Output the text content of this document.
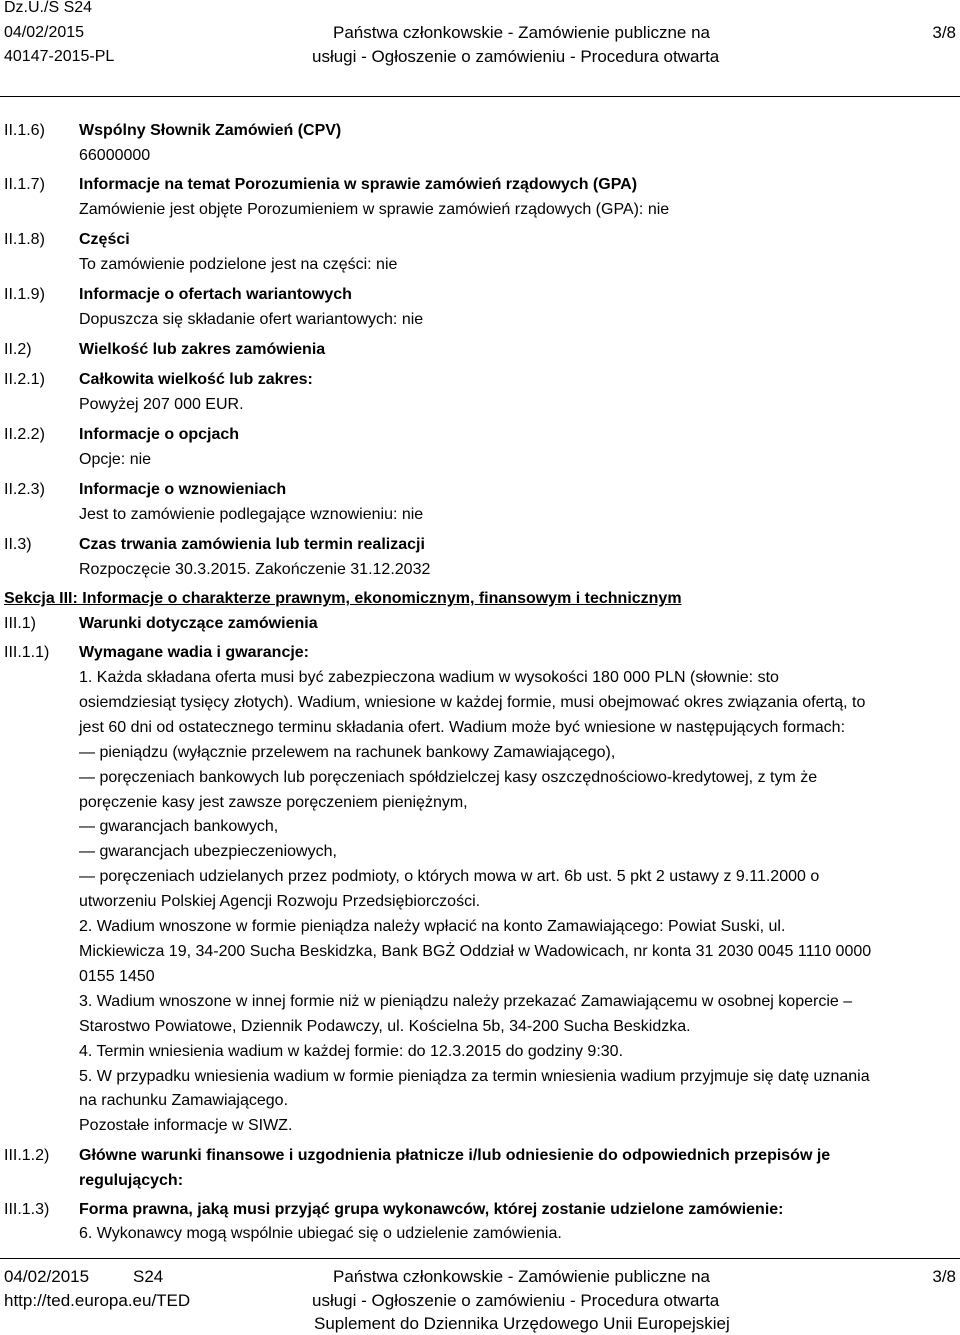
Dz.U./S S24
04/02/2015
40147-2015-PL
Państwa członkowskie - Zamówienie publiczne na
usługi - Ogłoszenie o zamówieniu - Procedura otwarta
3/8
II.1.6) Wspólny Słownik Zamówień (CPV)
66000000
II.1.7) Informacje na temat Porozumienia w sprawie zamówień rządowych (GPA)
Zamówienie jest objęte Porozumieniem w sprawie zamówień rządowych (GPA): nie
II.1.8) Części
To zamówienie podzielone jest na części: nie
II.1.9) Informacje o ofertach wariantowych
Dopuszcza się składanie ofert wariantowych: nie
II.2)	Wielkość lub zakres zamówienia
II.2.1) Całkowita wielkość lub zakres:
Powyżej 207 000 EUR.
II.2.2) Informacje o opcjach
Opcje: nie
II.2.3) Informacje o wznowieniach
Jest to zamówienie podlegające wznowieniu: nie
II.3)	Czas trwania zamówienia lub termin realizacji
Rozpoczęcie 30.3.2015. Zakończenie 31.12.2032
Sekcja III: Informacje o charakterze prawnym, ekonomicznym, finansowym i technicznym
III.1)	Warunki dotyczące zamówienia
III.1.1) Wymagane wadia i gwarancje:
1. Każda składana oferta musi być zabezpieczona wadium w wysokości 180 000 PLN (słownie: sto
osiemdziesiąt tysięcy złotych). Wadium, wniesione w każdej formie, musi obejmować okres związania ofertą, to
jest 60 dni od ostatecznego terminu składania ofert. Wadium może być wniesione w następujących formach:
— pieniądzu (wyłącznie przelewem na rachunek bankowy Zamawiającego),
— poręczeniach bankowych lub poręczeniach spółdzielczej kasy oszczędnościowo-kredytowej, z tym że
poręczenie kasy jest zawsze poręczeniem pieniężnym,
— gwarancjach bankowych,
— gwarancjach ubezpieczeniowych,
— poręczeniach udzielanych przez podmioty, o których mowa w art. 6b ust. 5 pkt 2 ustawy z 9.11.2000 o
utworzeniu Polskiej Agencji Rozwoju Przedsiębiorczości.
2. Wadium wnoszone w formie pieniądza należy wpłacić na konto Zamawiającego: Powiat Suski, ul.
Mickiewicza 19, 34-200 Sucha Beskidzka, Bank BGŻ Oddział w Wadowicach, nr konta 31 2030 0045 1110 0000
0155 1450
3. Wadium wnoszone w innej formie niż w pieniądzu należy przekazać Zamawiającemu w osobnej kopercie –
Starostwo Powiatowe, Dziennik Podawczy, ul. Kościelna 5b, 34-200 Sucha Beskidzka.
4. Termin wniesienia wadium w każdej formie: do 12.3.2015 do godziny 9:30.
5. W przypadku wniesienia wadium w formie pieniądza za termin wniesienia wadium przyjmuje się datę uznania
na rachunku Zamawiającego.
Pozostałe informacje w SIWZ.
III.1.2) Główne warunki finansowe i uzgodnienia płatnicze i/lub odniesienie do odpowiednich przepisów je
regulujących:
III.1.3) Forma prawna, jaką musi przyjąć grupa wykonawców, której zostanie udzielone zamówienie:
6. Wykonawcy mogą wspólnie ubiegać się o udzielenie zamówienia.
04/02/2015	S24
http://ted.europa.eu/TED
Państwa członkowskie - Zamówienie publiczne na
usługi - Ogłoszenie o zamówieniu - Procedura otwarta
Suplement do Dziennika Urzędowego Unii Europejskiej
3/8
